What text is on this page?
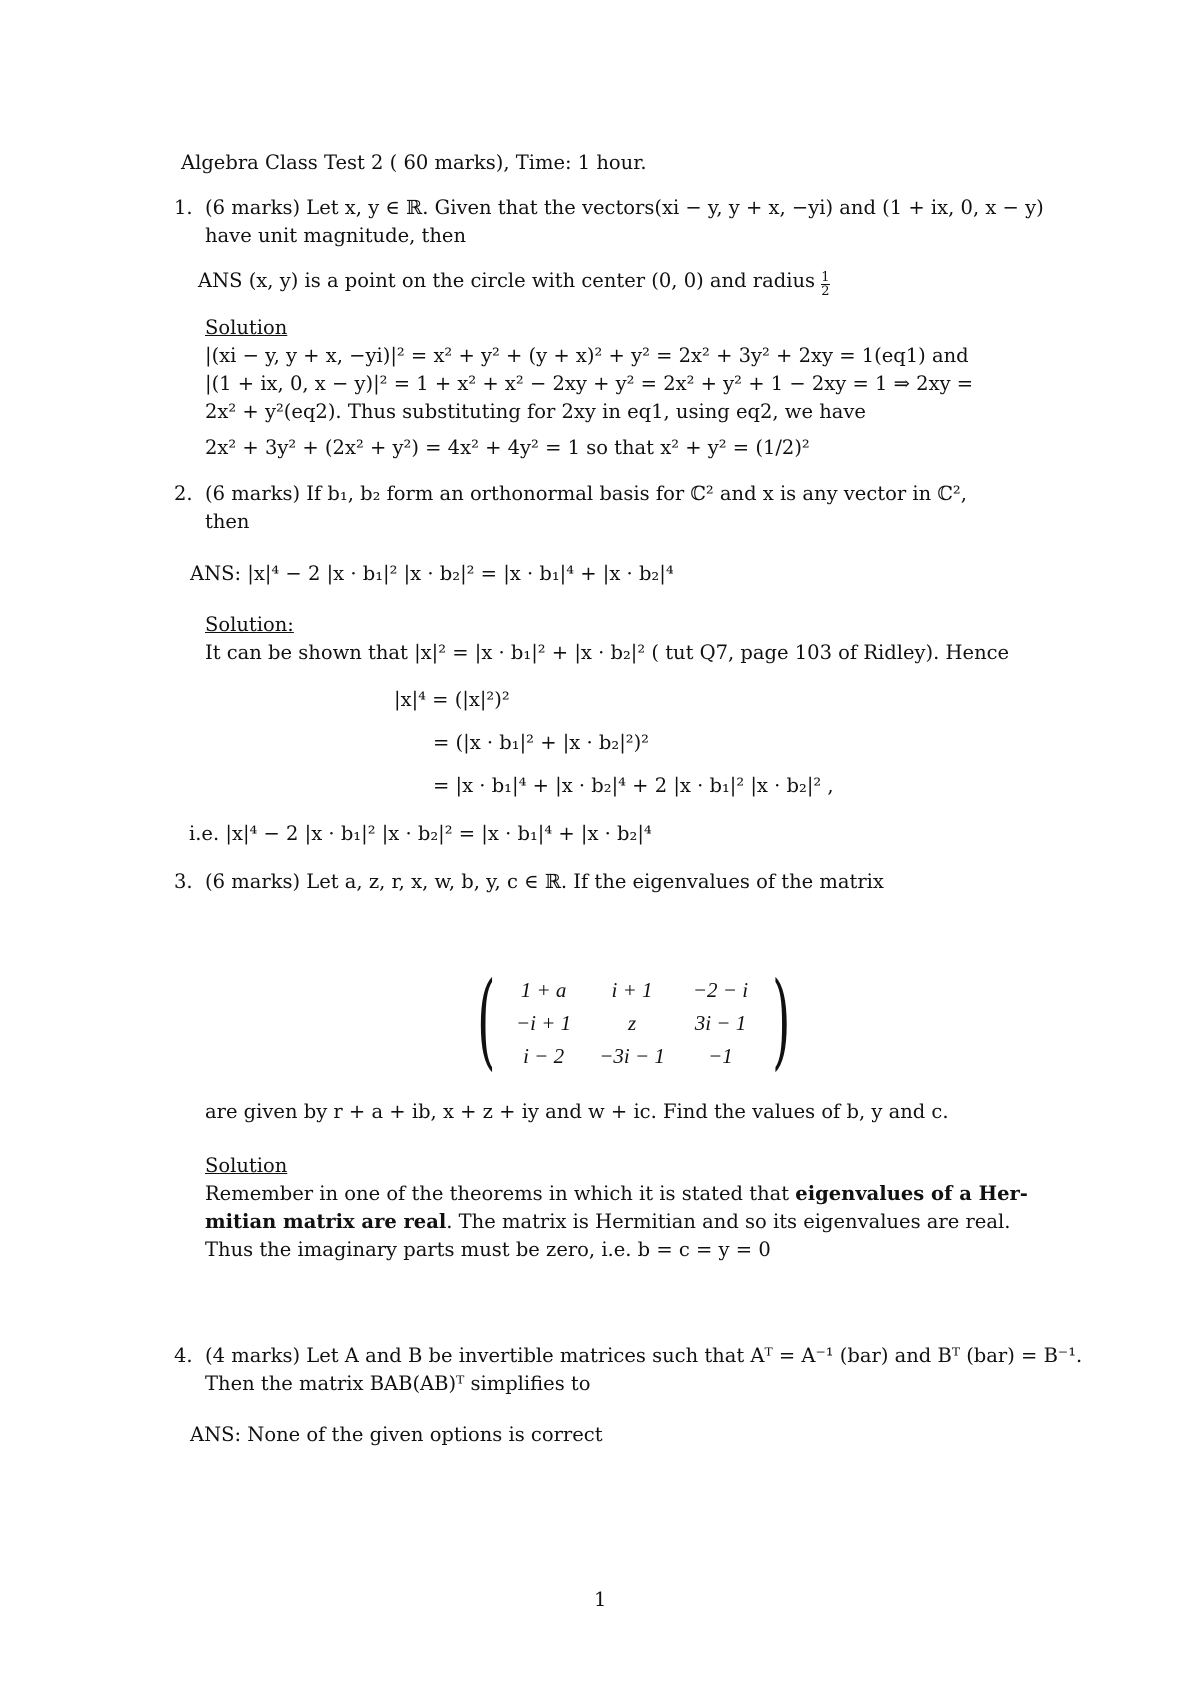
Algebra Class Test 2 ( 60 marks), Time: 1 hour.
1. (6 marks) Let x, y ∈ ℝ. Given that the vectors(xi − y, y + x, −yi) and (1 + ix, 0, x − y)
have unit magnitude, then
ANS (x, y) is a point on the circle with center (0, 0) and radius $\frac{1}{2}$
Solution
|(xi − y, y + x, −yi)|² = x² + y² + (y + x)² + y² = 2x² + 3y² + 2xy = 1(eq1) and
|(1 + ix, 0, x − y)|² = 1 + x² + x² − 2xy + y² = 2x² + y² + 1 − 2xy = 1 ⇒ 2xy =
2x² + y²(eq2). Thus substituting for 2xy in eq1, using eq2, we have
2x² + 3y² + (2x² + y²) = 4x² + 4y² = 1 so that x² + y² = (1/2)²
2. (6 marks) If b₁, b₂ form an orthonormal basis for ℂ² and x is any vector in ℂ²,
then
ANS: |x|⁴ − 2 |x · b₁|² |x · b₂|² = |x · b₁|⁴ + |x · b₂|⁴
Solution:
It can be shown that |x|² = |x · b₁|² + |x · b₂|² ( tut Q7, page 103 of Ridley). Hence
|x|⁴ = (|x|²)²
= (|x · b₁|² + |x · b₂|²)²
= |x · b₁|⁴ + |x · b₂|⁴ + 2 |x · b₁|² |x · b₂|² ,
i.e. |x|⁴ − 2 |x · b₁|² |x · b₂|² = |x · b₁|⁴ + |x · b₂|⁴
3. (6 marks) Let a, z, r, x, w, b, y, c ∈ ℝ. If the eigenvalues of the matrix
(	)
1 + a	i + 1	−2 − i
−i + 1	z	3i − 1
i − 2	−3i − 1	−1
are given by r + a + ib, x + z + iy and w + ic. Find the values of b, y and c.
Solution
Remember in one of the theorems in which it is stated that eigenvalues of a Her-
mitian matrix are real. The matrix is Hermitian and so its eigenvalues are real.
Thus the imaginary parts must be zero, i.e. b = c = y = 0
4. (4 marks) Let A and B be invertible matrices such that Aᵀ = A⁻¹ (bar) and Bᵀ (bar) = B⁻¹.
Then the matrix BAB(AB)ᵀ simplifies to
ANS: None of the given options is correct
1
